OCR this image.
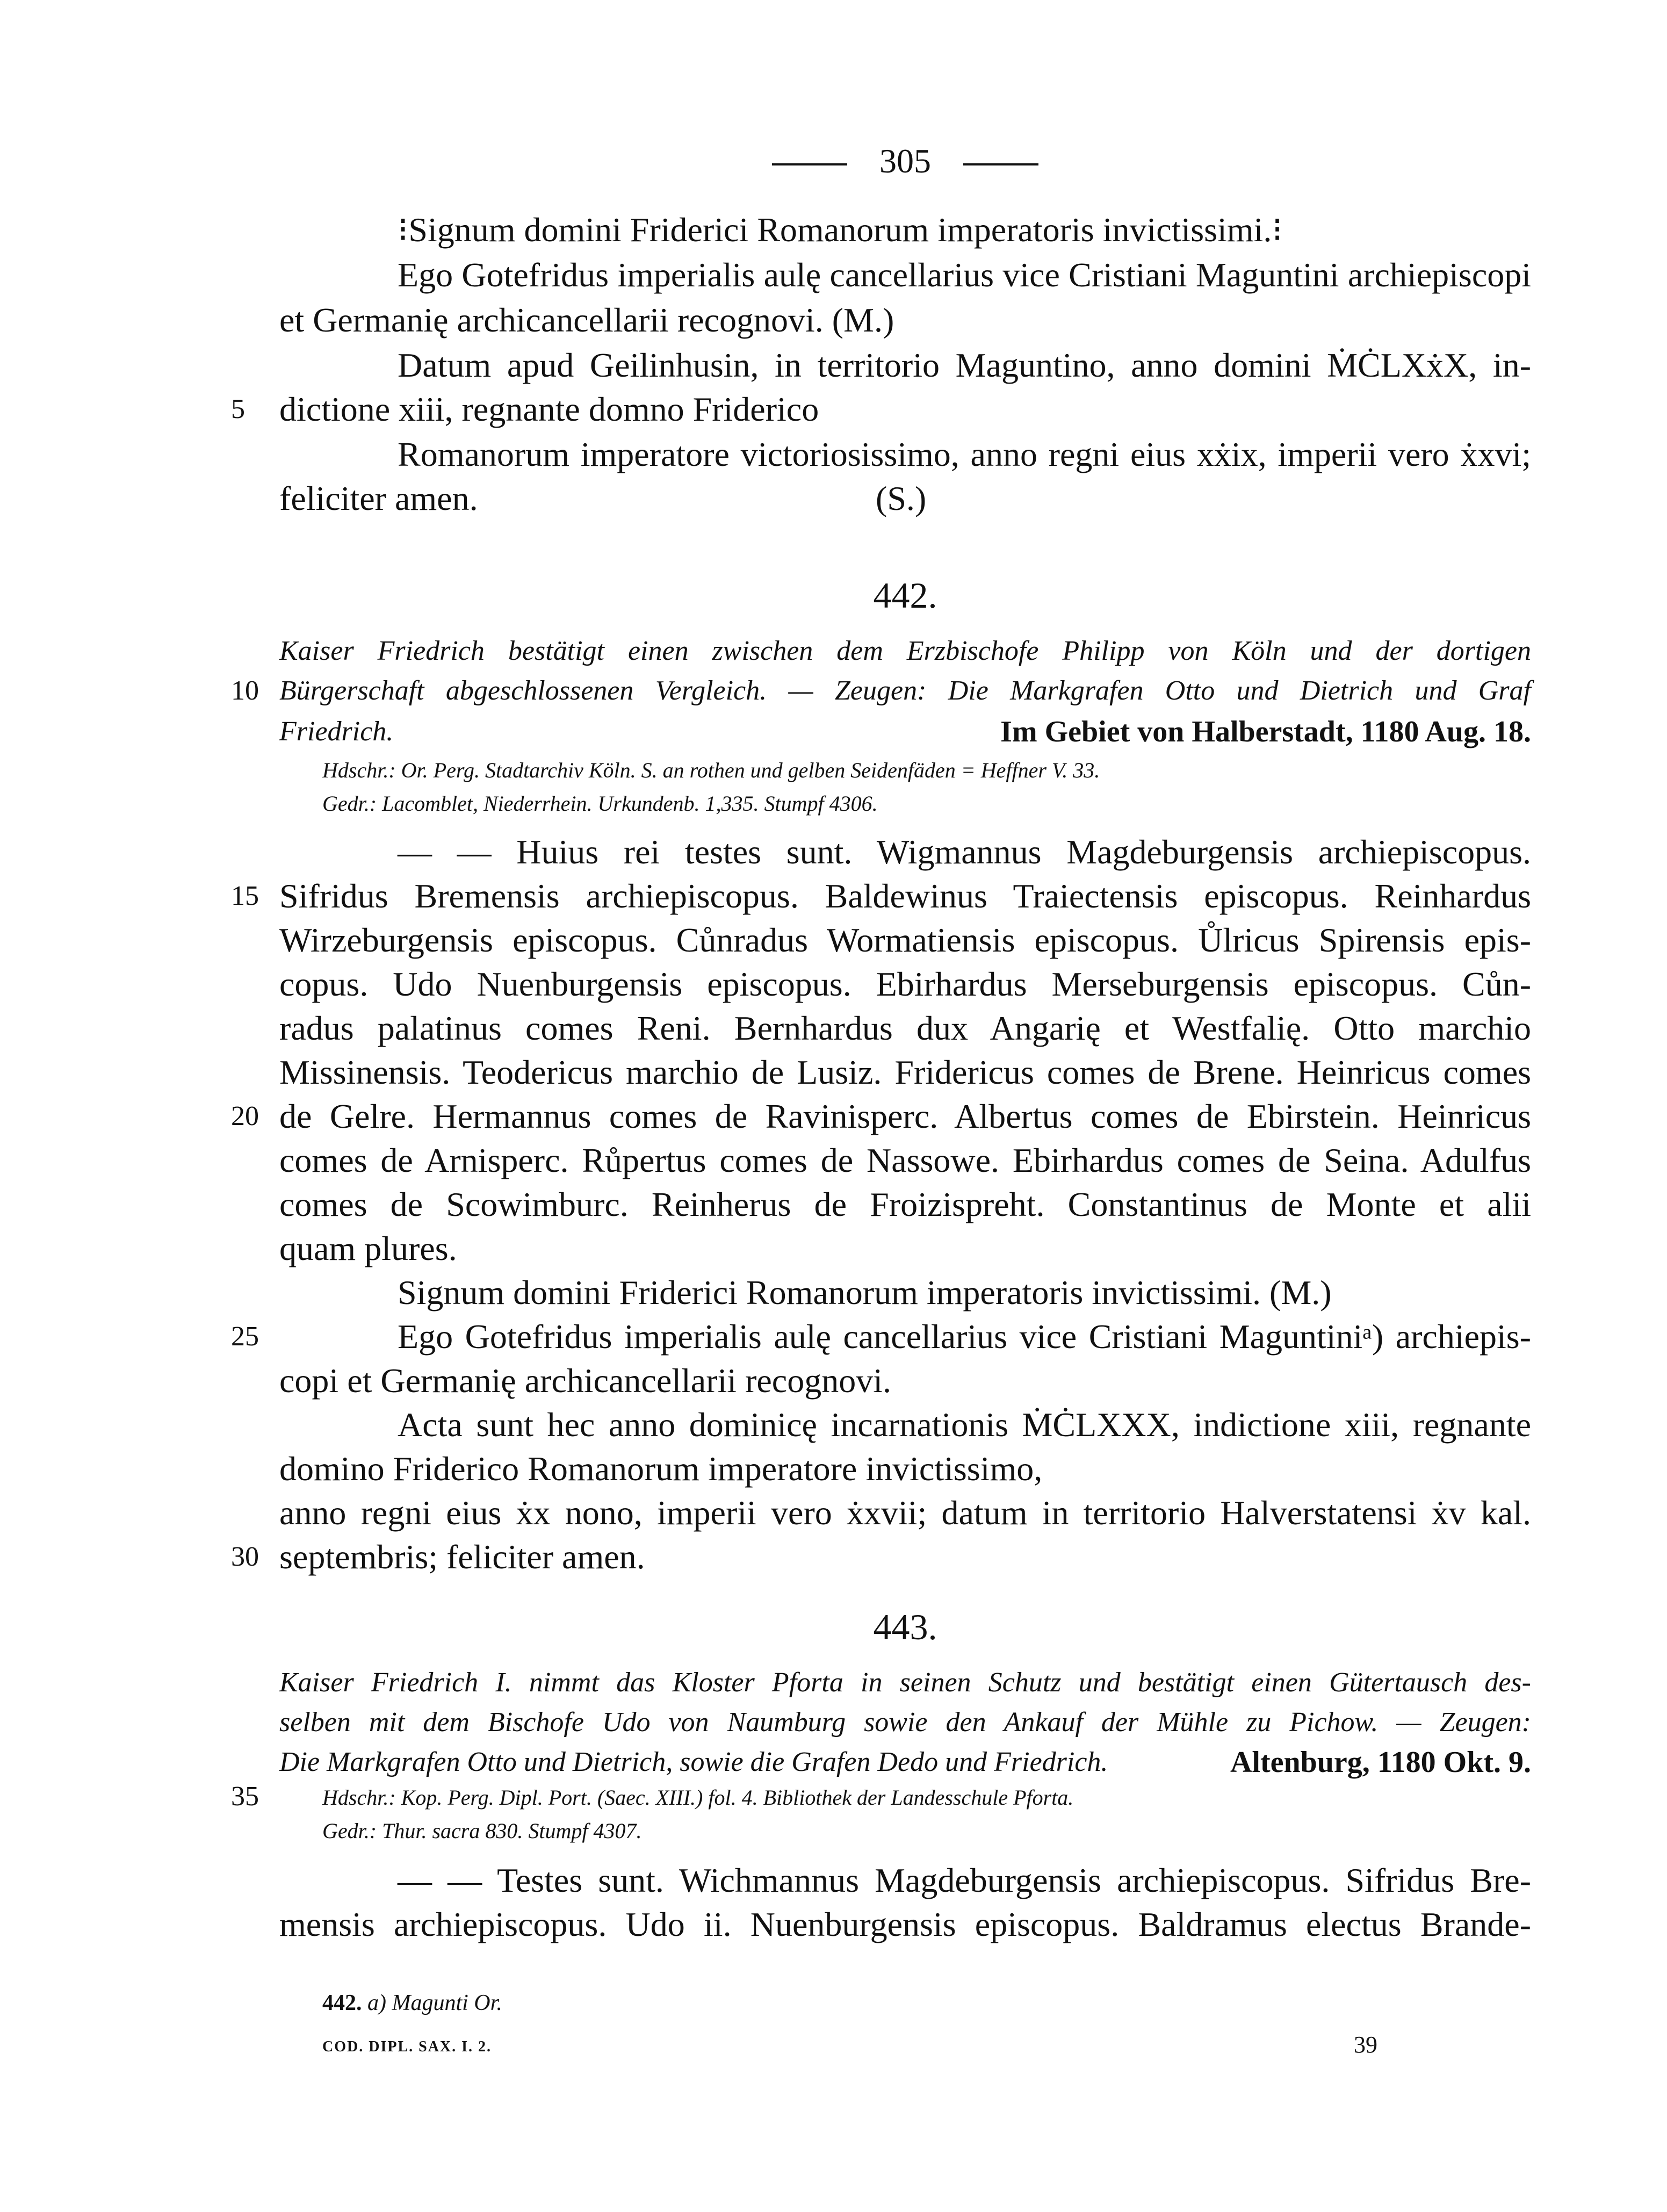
305
⁝Signum domini Friderici Romanorum imperatoris invictissimi.⁝
Ego Gotefridus imperialis aulę cancellarius vice Cristiani Maguntini archiepiscopi
et Germanię archicancellarii recognovi. (M.)
Datum apud Geilinhusin, in territorio Maguntino, anno domini ṀĊLXẋX, in-
5	dictione xiii, regnante domno Friderico
Romanorum imperatore victoriosissimo, anno regni eius xẋix, imperii vero ẋxvi;
feliciter amen.	(S.)
442.
Kaiser Friedrich bestätigt einen zwischen dem Erzbischofe Philipp von Köln und der dortigen
10 Bürgerschaft abgeschlossenen Vergleich. — Zeugen: Die Markgrafen Otto und Dietrich und Graf
Friedrich.	Im Gebiet von Halberstadt, 1180 Aug. 18.
Hdschr.: Or. Perg. Stadtarchiv Köln. S. an rothen und gelben Seidenfäden = Heffner V. 33.
Gedr.: Lacomblet, Niederrhein. Urkundenb. 1,335. Stumpf 4306.
— — Huius rei testes sunt. Wigmannus Magdeburgensis archiepiscopus.
15 Sifridus Bremensis archiepiscopus. Baldewinus Traiectensis episcopus. Reinhardus
Wirzeburgensis episcopus. Cůnradus Wormatiensis episcopus. Ůlricus Spirensis epis-
copus. Udo Nuenburgensis episcopus. Ebirhardus Merseburgensis episcopus. Cůn-
radus palatinus comes Reni. Bernhardus dux Angarię et Westfalię. Otto marchio
Missinensis. Teodericus marchio de Lusiz. Fridericus comes de Brene. Heinricus comes
20 de Gelre. Hermannus comes de Ravinisperc. Albertus comes de Ebirstein. Heinricus
comes de Arnisperc. Růpertus comes de Nassowe. Ebirhardus comes de Seina. Adulfus
comes de Scowimburc. Reinherus de Froizispreht. Constantinus de Monte et alii
quam plures.
Signum domini Friderici Romanorum imperatoris invictissimi. (M.)
25	Ego Gotefridus imperialis aulę cancellarius vice Cristiani Maguntiniᵃ) archiepis-
copi et Germanię archicancellarii recognovi.
Acta sunt hec anno dominicę incarnationis ṀĊLXXX, indictione xiii, regnante
domino Friderico Romanorum imperatore invictissimo,
anno regni eius ẋx nono, imperii vero ẋxvii; datum in territorio Halverstatensi ẋv kal.
30 septembris; feliciter amen.
443.
Kaiser Friedrich I. nimmt das Kloster Pforta in seinen Schutz und bestätigt einen Gütertausch des-
selben mit dem Bischofe Udo von Naumburg sowie den Ankauf der Mühle zu Pichow. — Zeugen:
Die Markgrafen Otto und Dietrich, sowie die Grafen Dedo und Friedrich.	Altenburg, 1180 Okt. 9.
35	Hdschr.: Kop. Perg. Dipl. Port. (Saec. XIII.) fol. 4. Bibliothek der Landesschule Pforta.
Gedr.: Thur. sacra 830. Stumpf 4307.
— — Testes sunt. Wichmannus Magdeburgensis archiepiscopus. Sifridus Bre-
mensis archiepiscopus. Udo ii. Nuenburgensis episcopus. Baldramus electus Brande-
442. a) Magunti Or.
COD. DIPL. SAX. I. 2.	39
